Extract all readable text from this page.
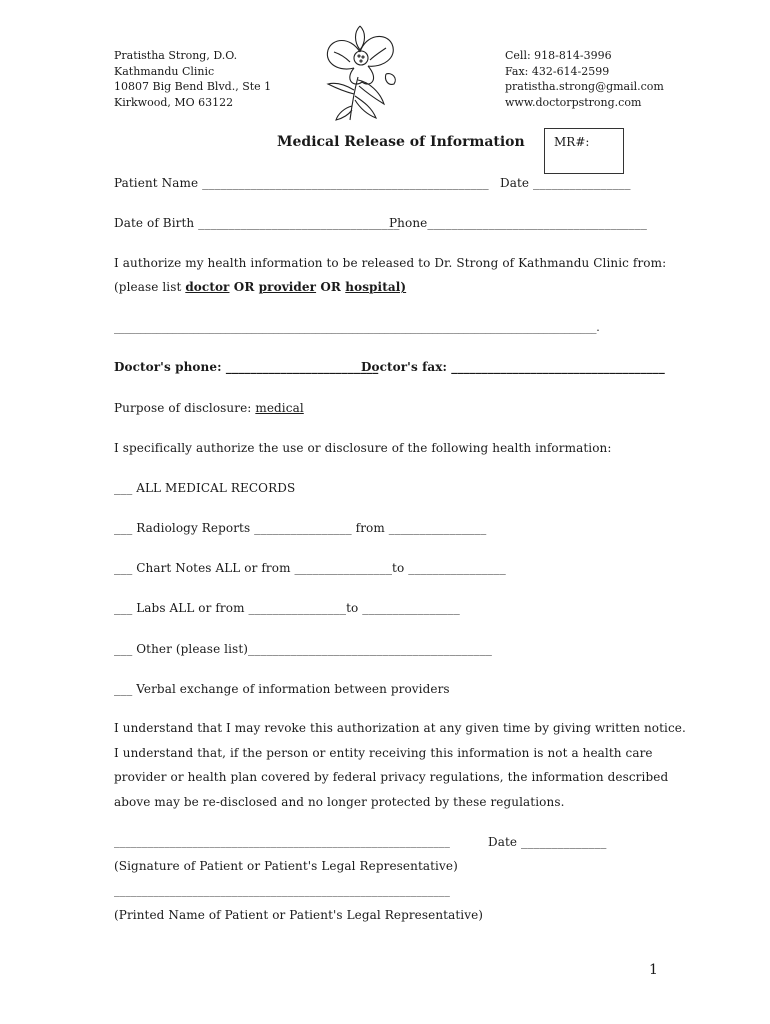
Pratistha Strong, D.O.
Kathmandu Clinic
10807 Big Bend Blvd., Ste 1
Kirkwood, MO 63122
Cell: 918-814-3996
Fax: 432-614-2599
pratistha.strong@gmail.com
www.doctorpstrong.com
Medical Release of Information MR#:
Patient Name _______________________________________________ Date ________________
Date of Birth _________________________________
Phone____________________________________
I authorize my health information to be released to Dr. Strong of Kathmandu Clinic from:
(please list doctor OR provider OR hospital)
___________________________________________________________________________________________.
Doctor's phone: _________________________
Doctor's fax: ___________________________________
Purpose of disclosure: medical
I specifically authorize the use or disclosure of the following health information:
___ ALL MEDICAL RECORDS
___ Radiology Reports ________________ from ________________
___ Chart Notes ALL or from ________________to ________________
___ Labs ALL or from ________________to ________________
___ Other (please list)________________________________________
___ Verbal exchange of information between providers
I understand that I may revoke this authorization at any given time by giving written notice.
I understand that, if the person or entity receiving this information is not a health care
provider or health plan covered by federal privacy regulations, the information described
above may be re-disclosed and no longer protected by these regulations.
____________________________________________________________	Date ______________
(Signature of Patient or Patient's Legal Representative)
____________________________________________________________
(Printed Name of Patient or Patient's Legal Representative)
1
